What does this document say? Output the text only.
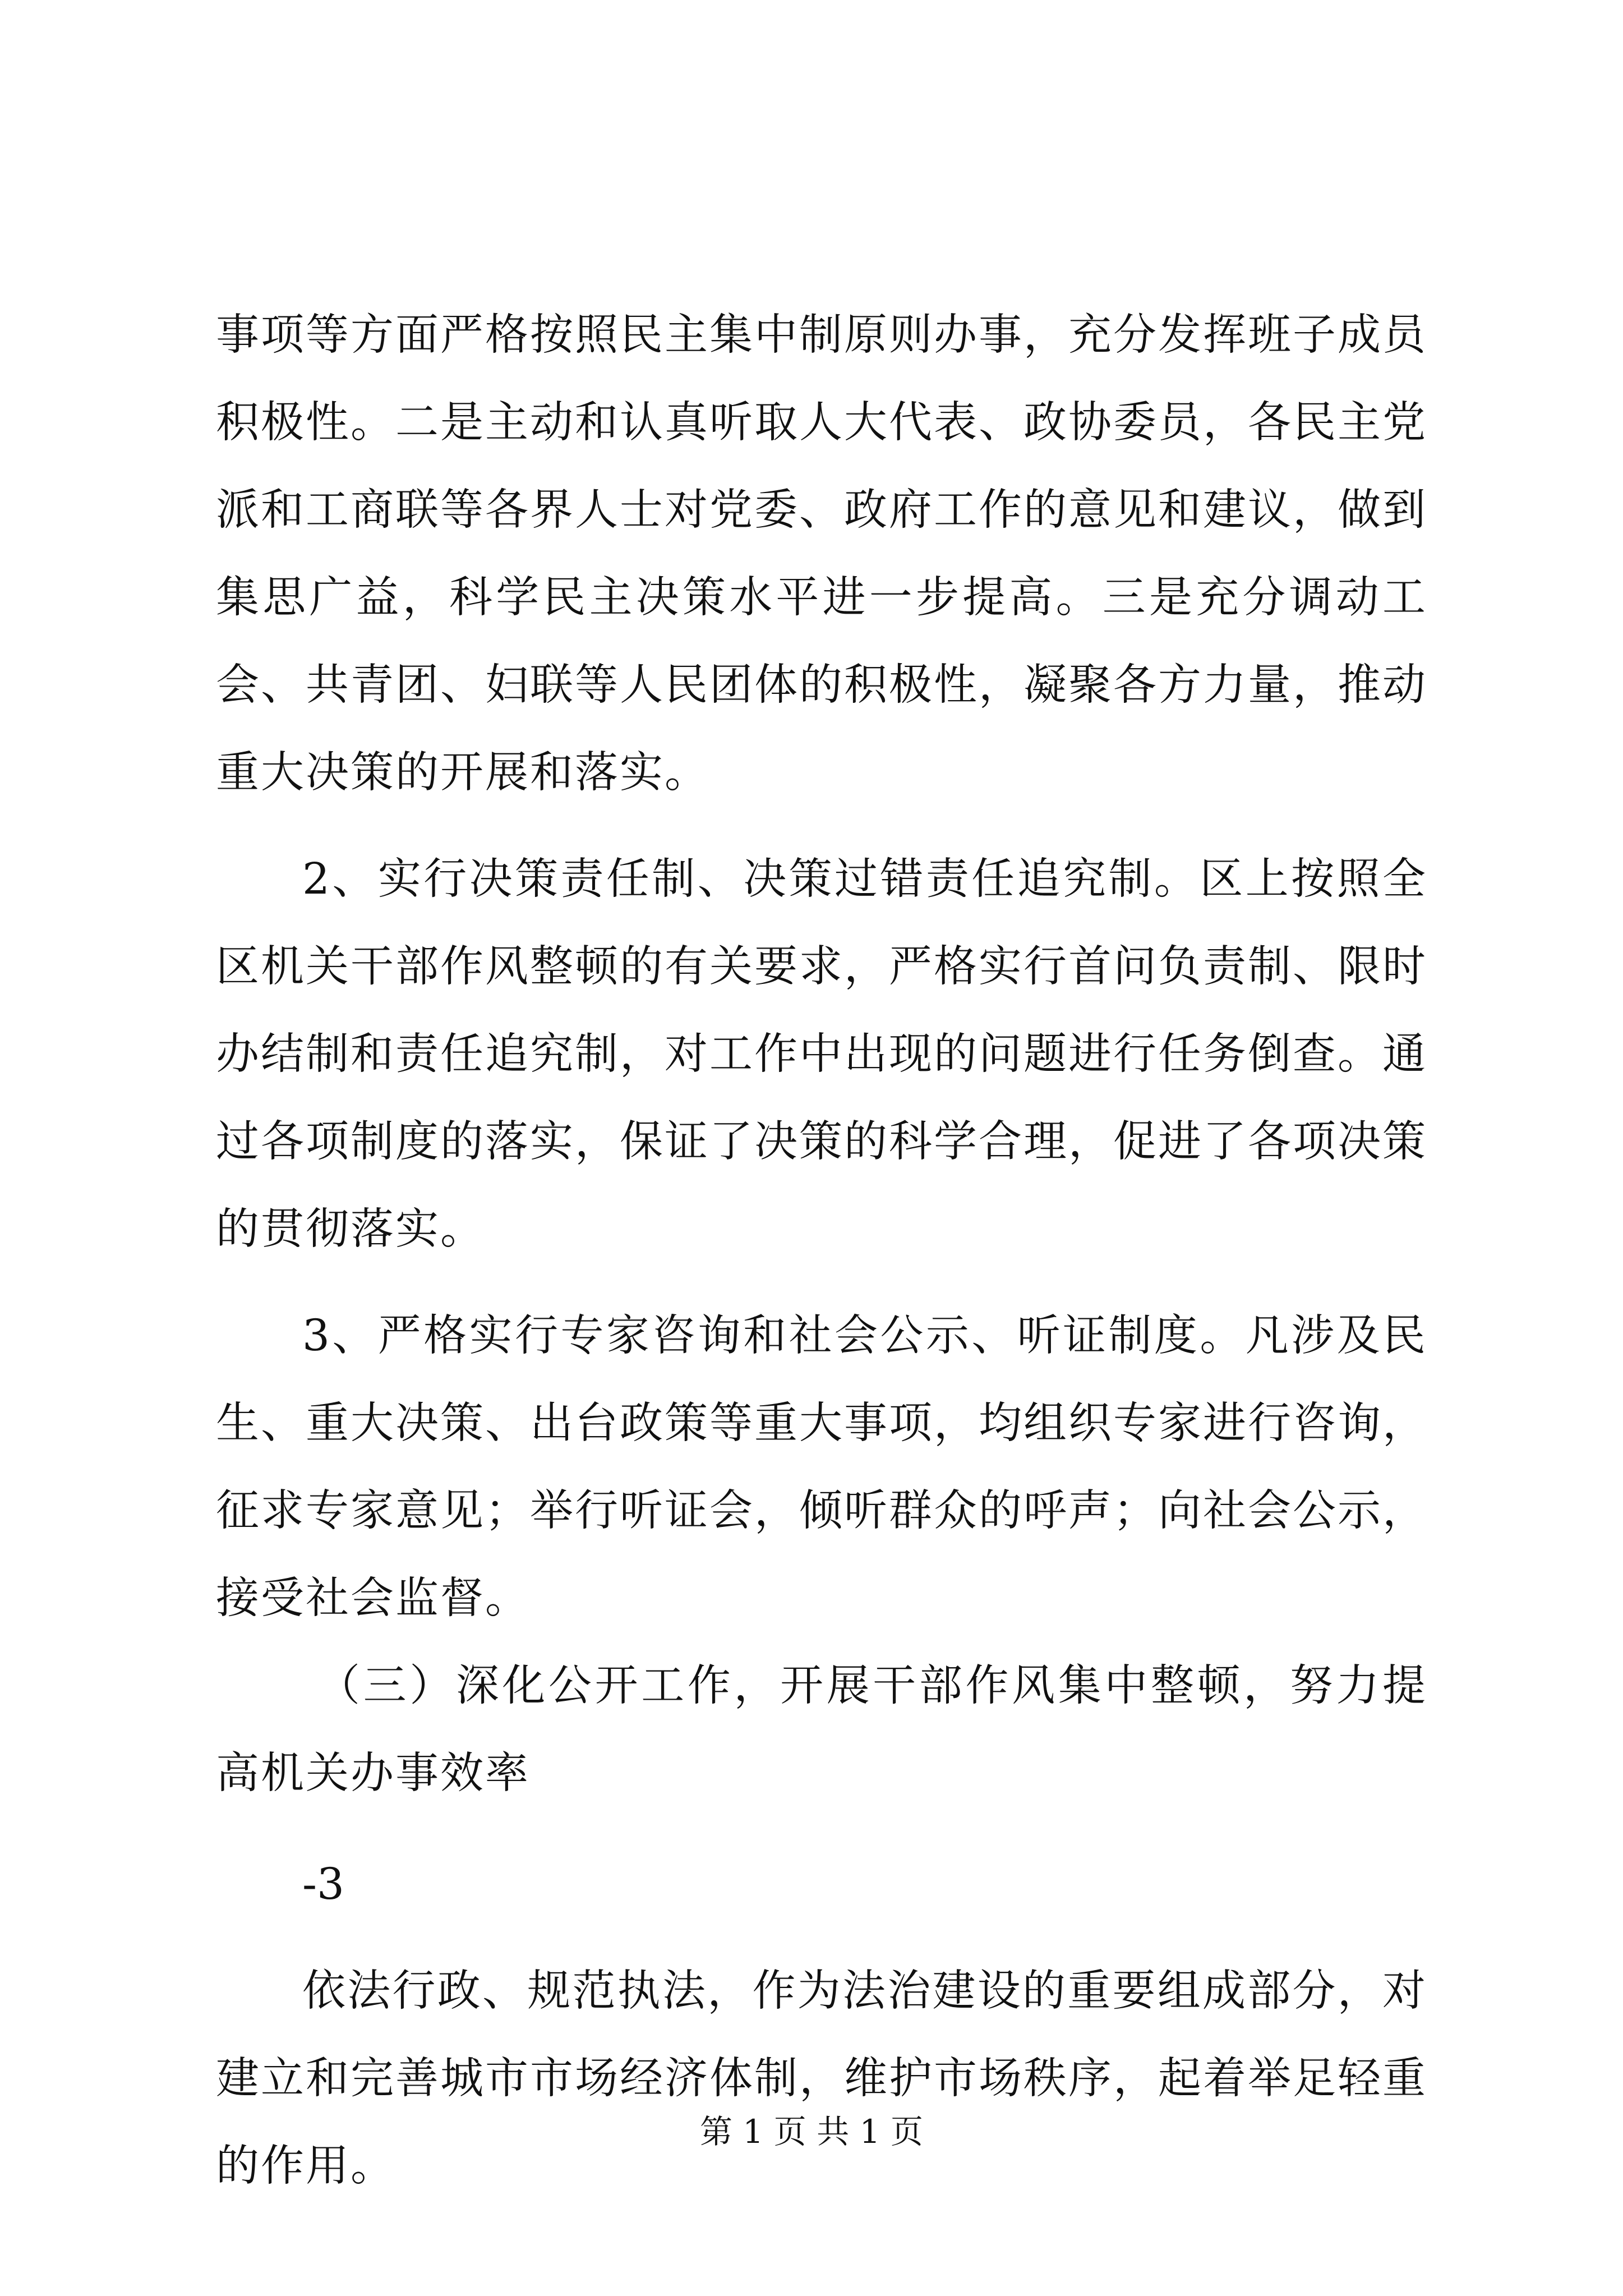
事项等方面严格按照民主集中制原则办事，充分发挥班子成员积极性。二是主动和认真听取人大代表、政协委员，各民主党派和工商联等各界人士对党委、政府工作的意见和建议，做到集思广益，科学民主决策水平进一步提高。三是充分调动工会、共青团、妇联等人民团体的积极性，凝聚各方力量，推动重大决策的开展和落实。

2、实行决策责任制、决策过错责任追究制。区上按照全区机关干部作风整顿的有关要求，严格实行首问负责制、限时办结制和责任追究制，对工作中出现的问题进行任务倒查。通过各项制度的落实，保证了决策的科学合理，促进了各项决策的贯彻落实。

3、严格实行专家咨询和社会公示、听证制度。凡涉及民生、重大决策、出台政策等重大事项，均组织专家进行咨询，征求专家意见；举行听证会，倾听群众的呼声；向社会公示，接受社会监督。

（三）深化公开工作，开展干部作风集中整顿，努力提高机关办事效率

-3

依法行政、规范执法，作为法治建设的重要组成部分，对建立和完善城市市场经济体制，维护市场秩序，起着举足轻重的作用。

第 1 页 共 1 页
